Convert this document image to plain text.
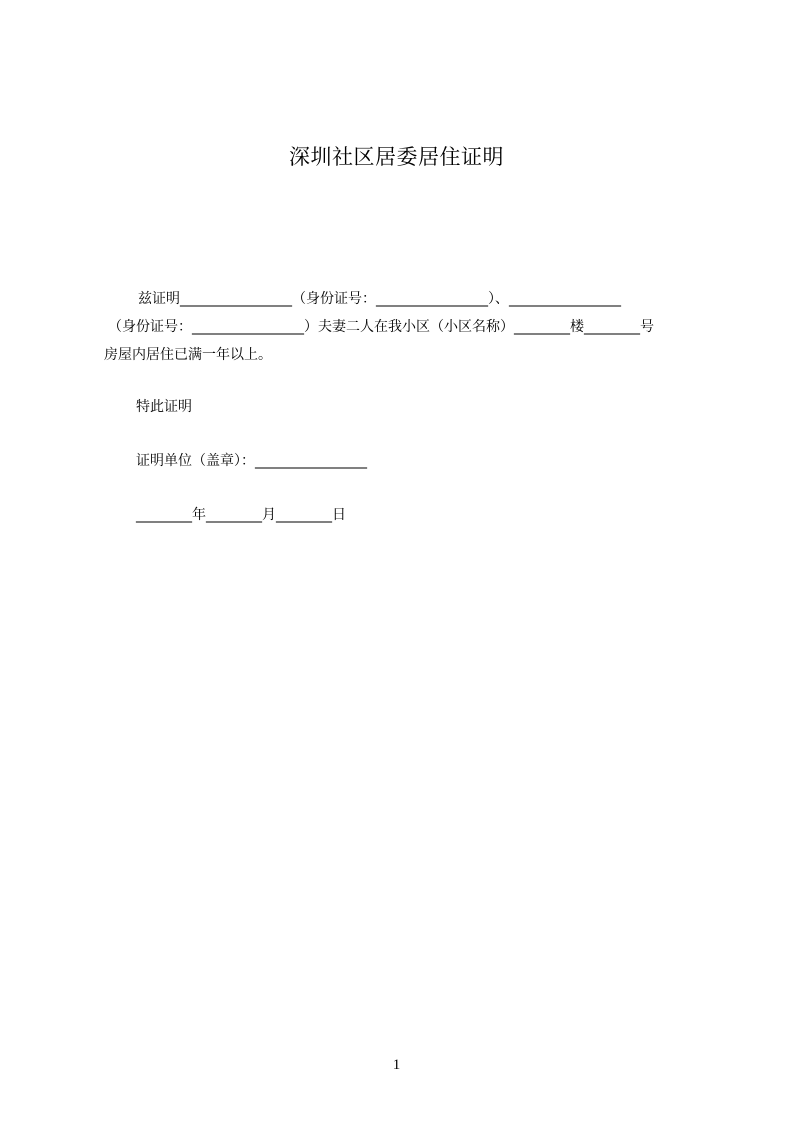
深圳社区居委居住证明
兹证明________________（身份证号：________________）、________________
（身份证号：________________）夫妻二人在我小区（小区名称）________楼________号
房屋内居住已满一年以上。
特此证明
证明单位（盖章）：________________
________年________月________日
1
